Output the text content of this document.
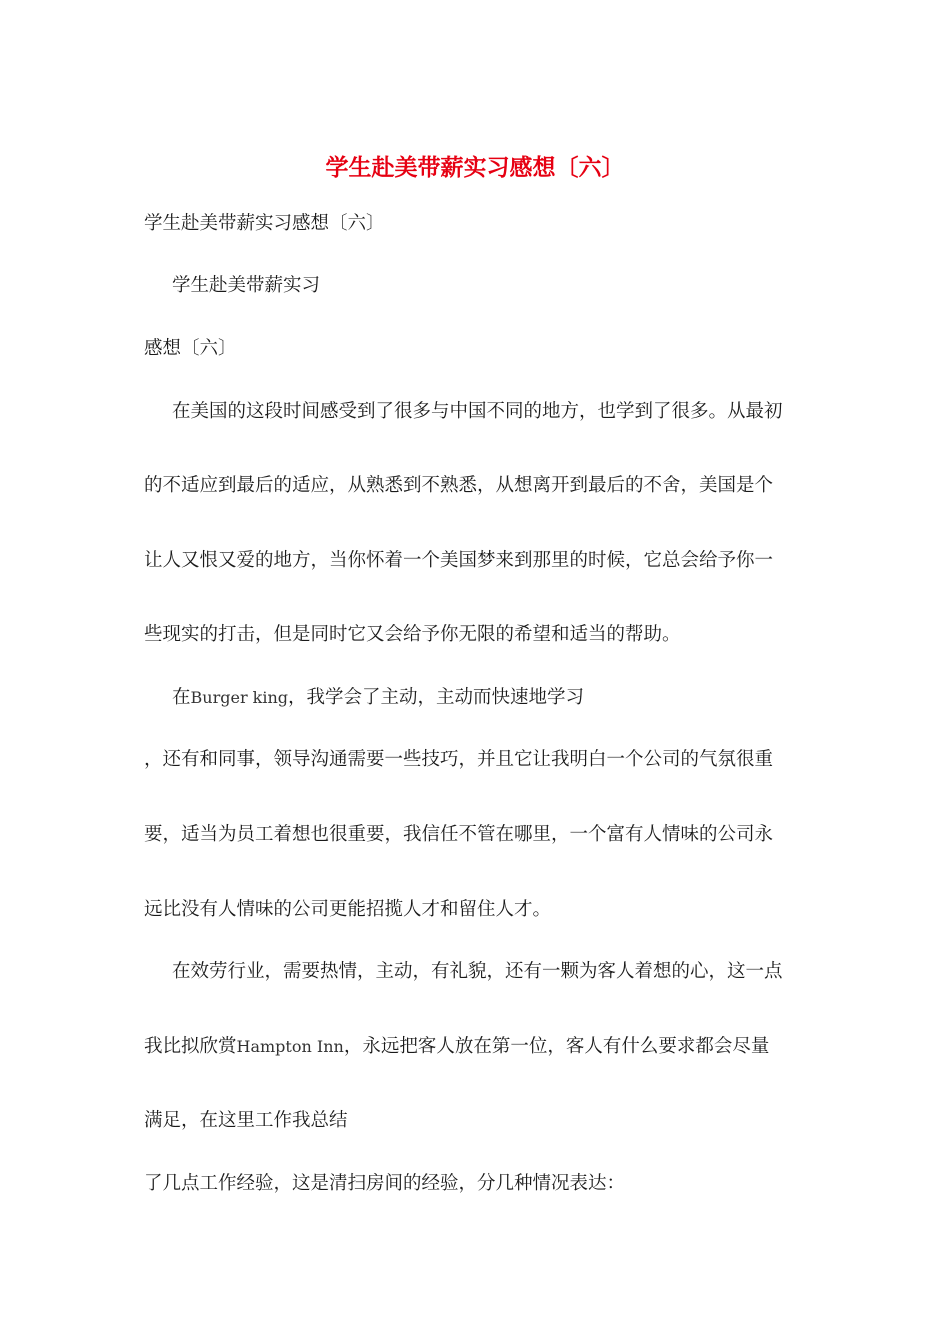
学生赴美带薪实习感想〔六〕
学生赴美带薪实习感想〔六〕
学生赴美带薪实习
感想〔六〕
在美国的这段时间感受到了很多与中国不同的地方，也学到了很多。从最初
的不适应到最后的适应，从熟悉到不熟悉，从想离开到最后的不舍，美国是个
让人又恨又爱的地方，当你怀着一个美国梦来到那里的时候，它总会给予你一
些现实的打击，但是同时它又会给予你无限的希望和适当的帮助。
在Burger king，我学会了主动，主动而快速地学习
，还有和同事，领导沟通需要一些技巧，并且它让我明白一个公司的气氛很重
要，适当为员工着想也很重要，我信任不管在哪里，一个富有人情味的公司永
远比没有人情味的公司更能招揽人才和留住人才。
在效劳行业，需要热情，主动，有礼貌，还有一颗为客人着想的心，这一点
我比拟欣赏Hampton Inn，永远把客人放在第一位，客人有什么要求都会尽量
满足，在这里工作我总结
了几点工作经验，这是清扫房间的经验，分几种情况表达：
